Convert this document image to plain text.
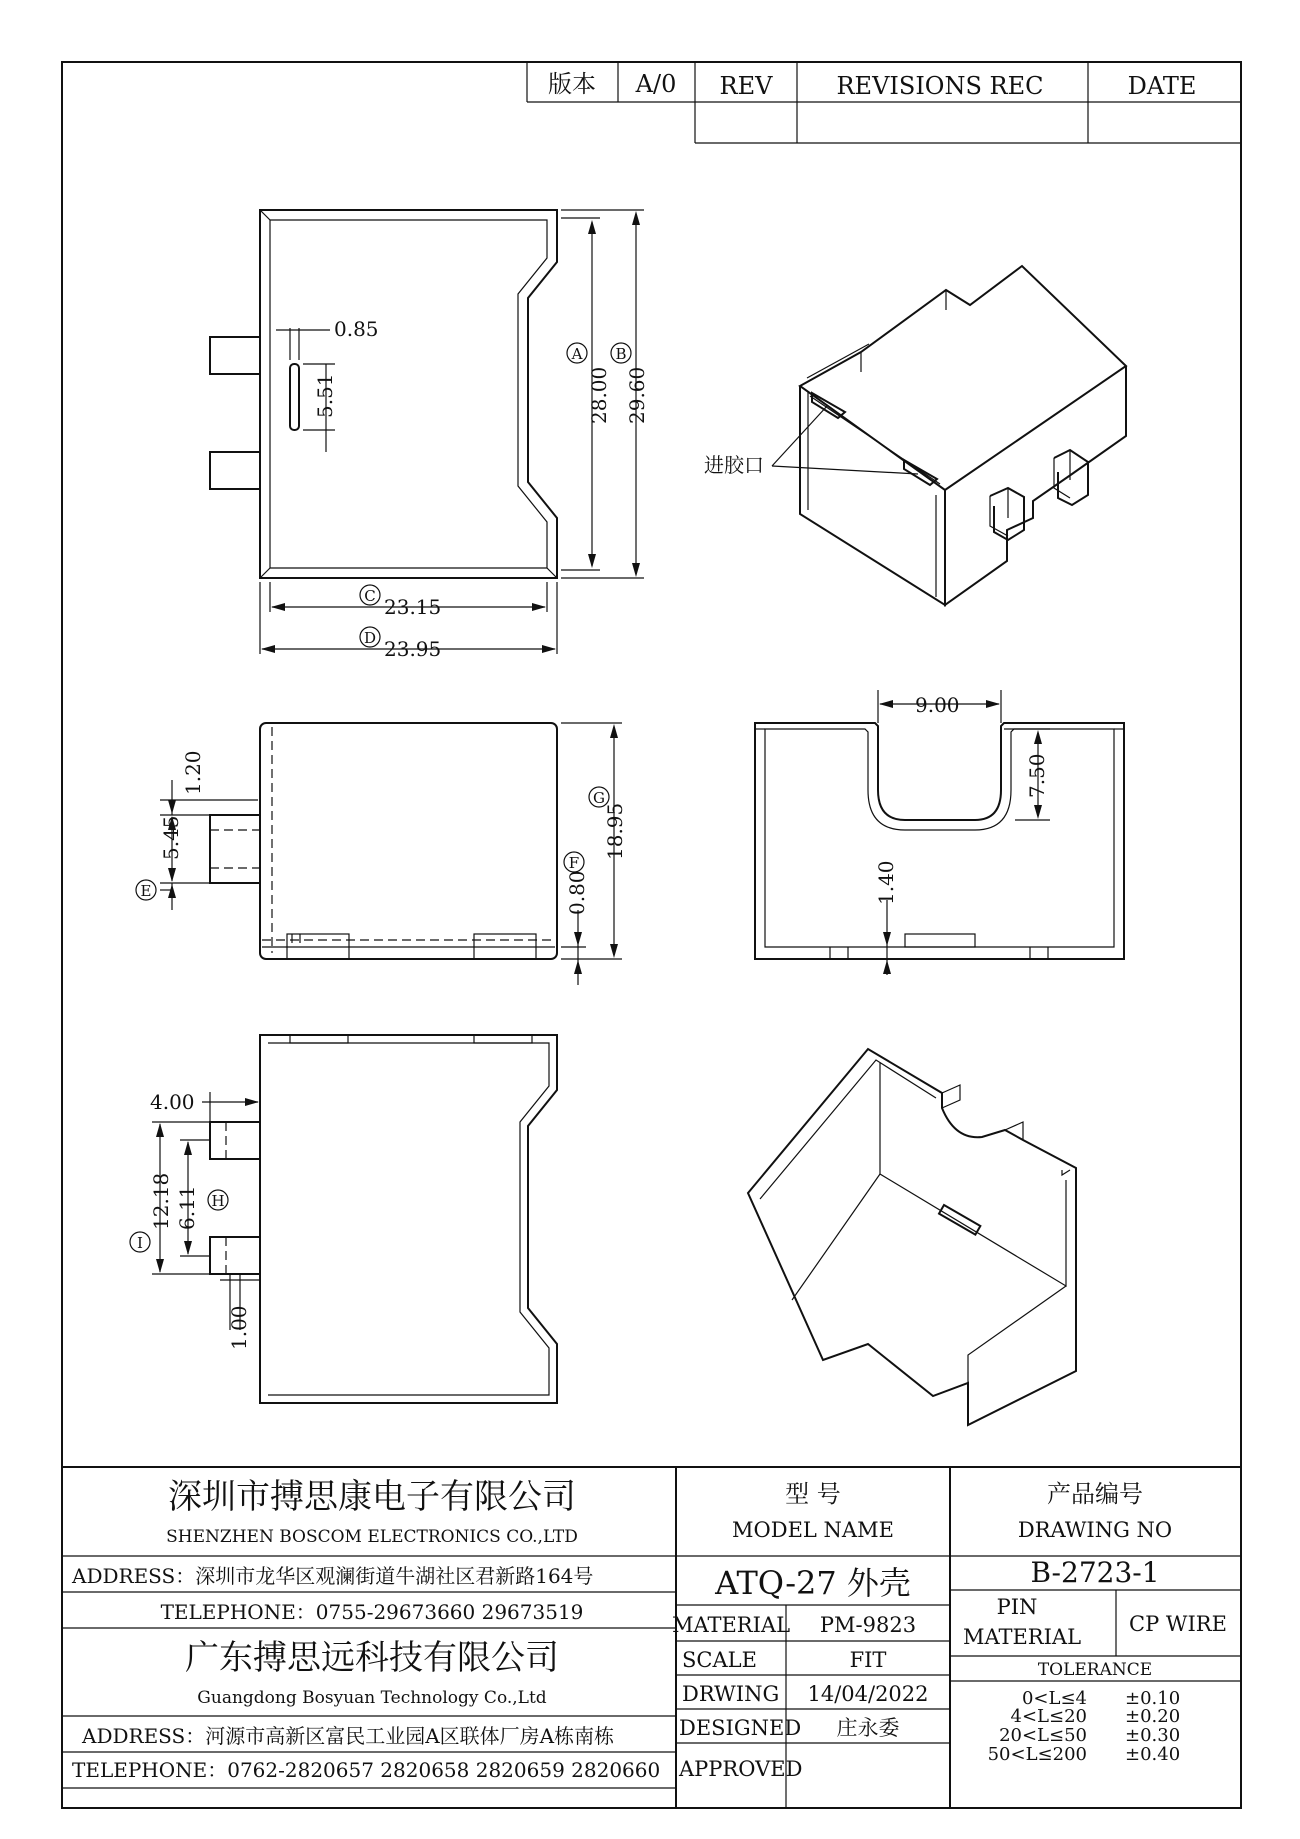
版本 A/0 REV	REVISIONS REC	DATE
0.85
5.51	28.00
A
29.60
B
23.15
C
23.95
D
进胶口
1.20
5.45
E
18.95
G
0.80
F
9.00
7.50
1.40
4.00
12.18 6.11 H
I
1.00
深圳市搏思康电子有限公司
SHENZHEN BOSCOM ELECTRONICS CO.,LTD
ADDRESS：深圳市龙华区观澜街道牛湖社区君新路164号
TELEPHONE：0755-29673660 29673519
广东搏思远科技有限公司
Guangdong Bosyuan Technology Co.,Ltd
ADDRESS：河源市高新区富民工业园A区联体厂房A栋南栋
TELEPHONE：0762-2820657 2820658 2820659 2820660
型 号
MODEL NAME
ATQ-27 外壳
MATERIAL PM-9823
SCALE	FIT
DRWING 14/04/2022
DESIGNED 庄永委
APPROVED
产品编号
DRAWING NO
B-2723-1
PIN
MATERIAL
CP WIRE
TOLERANCE
0<L≤4 ±0.10
4<L≤20 ±0.20
20<L≤50 ±0.30
50<L≤200 ±0.40
